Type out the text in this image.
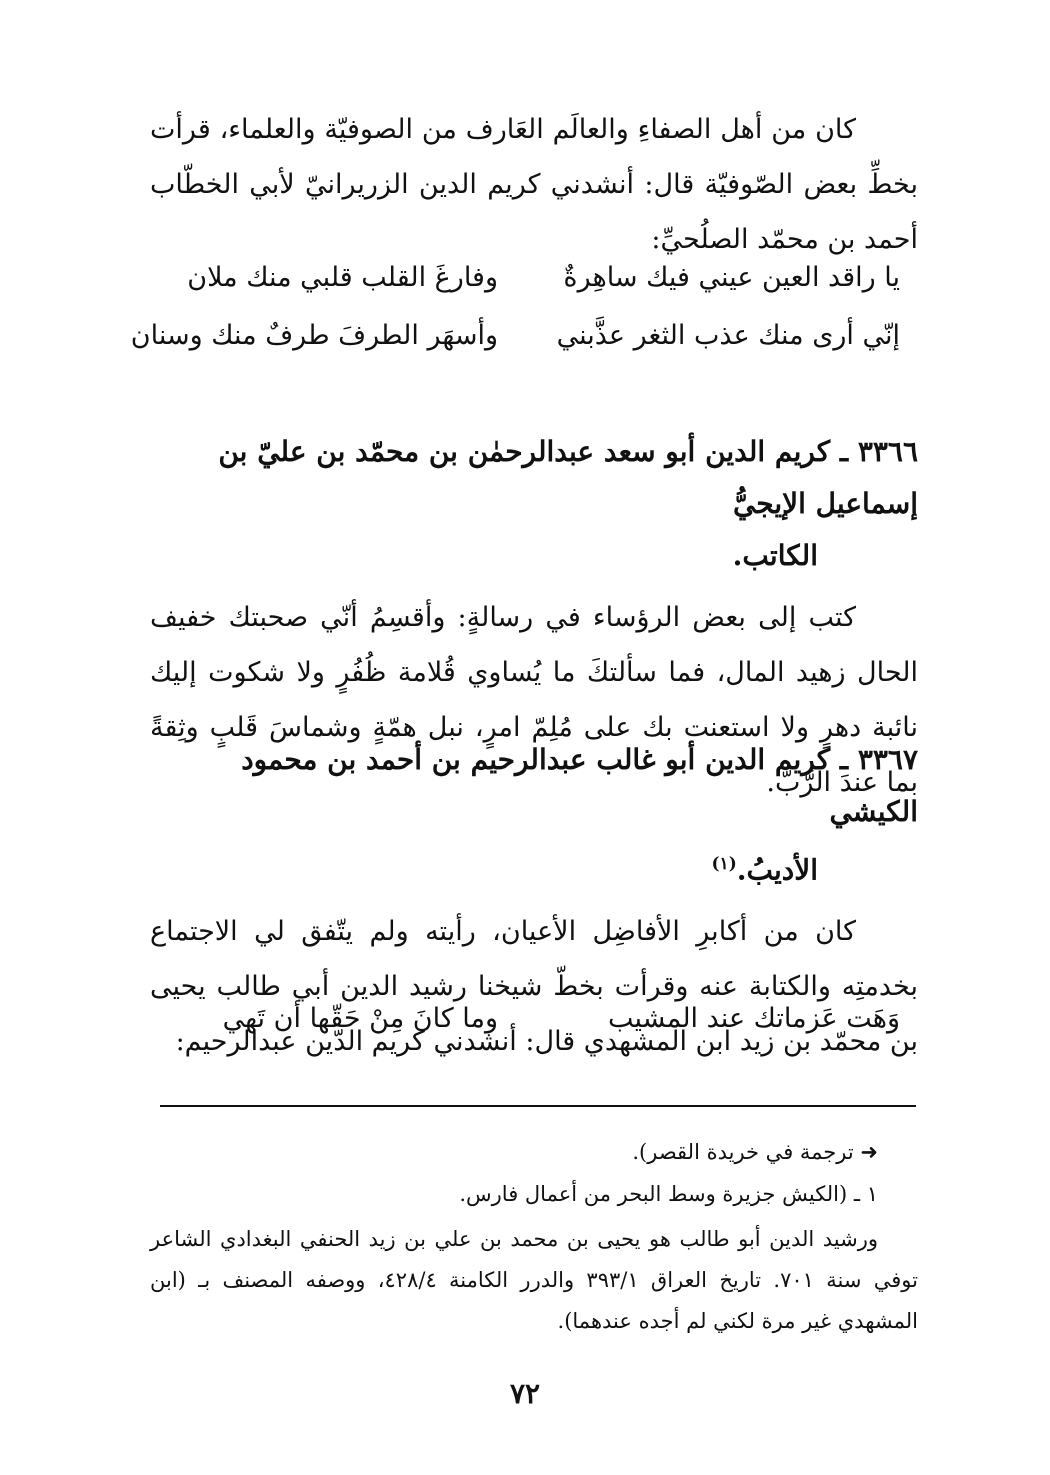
كان من أهل الصفاءِ والعالَم العَارف من الصوفيّة والعلماء، قرأت بخطِّ بعض الصّوفيّة قال: أنشدني كريم الدين الزريرانيّ لأبي الخطّاب أحمد بن محمّد الصلُحيِّ:

يا راقد العين عيني فيك ساهِرةٌ
وفارغَ القلب قلبي منك ملان
إنّي أرى منك عذب الثغر عذَّبني
وأسهَر الطرفَ طرفٌ منك وسنان

٣٣٦٦ ـ كريم الدين أبو سعد عبدالرحمٰن بن محمّد بن عليّ بن إسماعيل الإيجيُّ

الكاتب.

كتب إلى بعض الرؤساء في رسالةٍ: وأقسِمُ أنّي صحبتك خفيف الحال زهيد المال، فما سألتكَ ما يُساوي قُلامة ظُفُرٍ ولا شكوت إليك نائبة دهرٍ ولا استعنت بك على مُلِمّ امرٍ، نبل همّةٍ وشماسَ قَلبٍ وثِقةً بما عندَ الرَّبّ.

٣٣٦٧ ـ كريم الدين أبو غالب عبدالرحيم بن أحمد بن محمود الكيشي

الأديبُ.$^{(١)}$

كان من أكابرِ الأفاضِل الأعيان، رأيته ولم يتّفق لي الاجتماع بخدمتِه والكتابة عنه وقرأت بخطّ شيخنا رشيد الدين أبي طالب يحيى بن محمّد بن زيد ابن المشهدي قال: أنشدني كريم الدّين عبدالرحيم:

وَهَت عَزماتك عند المشيب
وما كانَ مِنْ حَقّها أن تَهي

➜ ترجمة في خريدة القصر).

١ ـ (الكيش جزيرة وسط البحر من أعمال فارس.

ورشيد الدين أبو طالب هو يحيى بن محمد بن علي بن زيد الحنفي البغدادي الشاعر توفي سنة ٧٠١. تاريخ العراق ٣٩٣/١ والدرر الكامنة ٤٢٨/٤، ووصفه المصنف بـ (ابن المشهدي غير مرة لكني لم أجده عندهما).

٧٢
